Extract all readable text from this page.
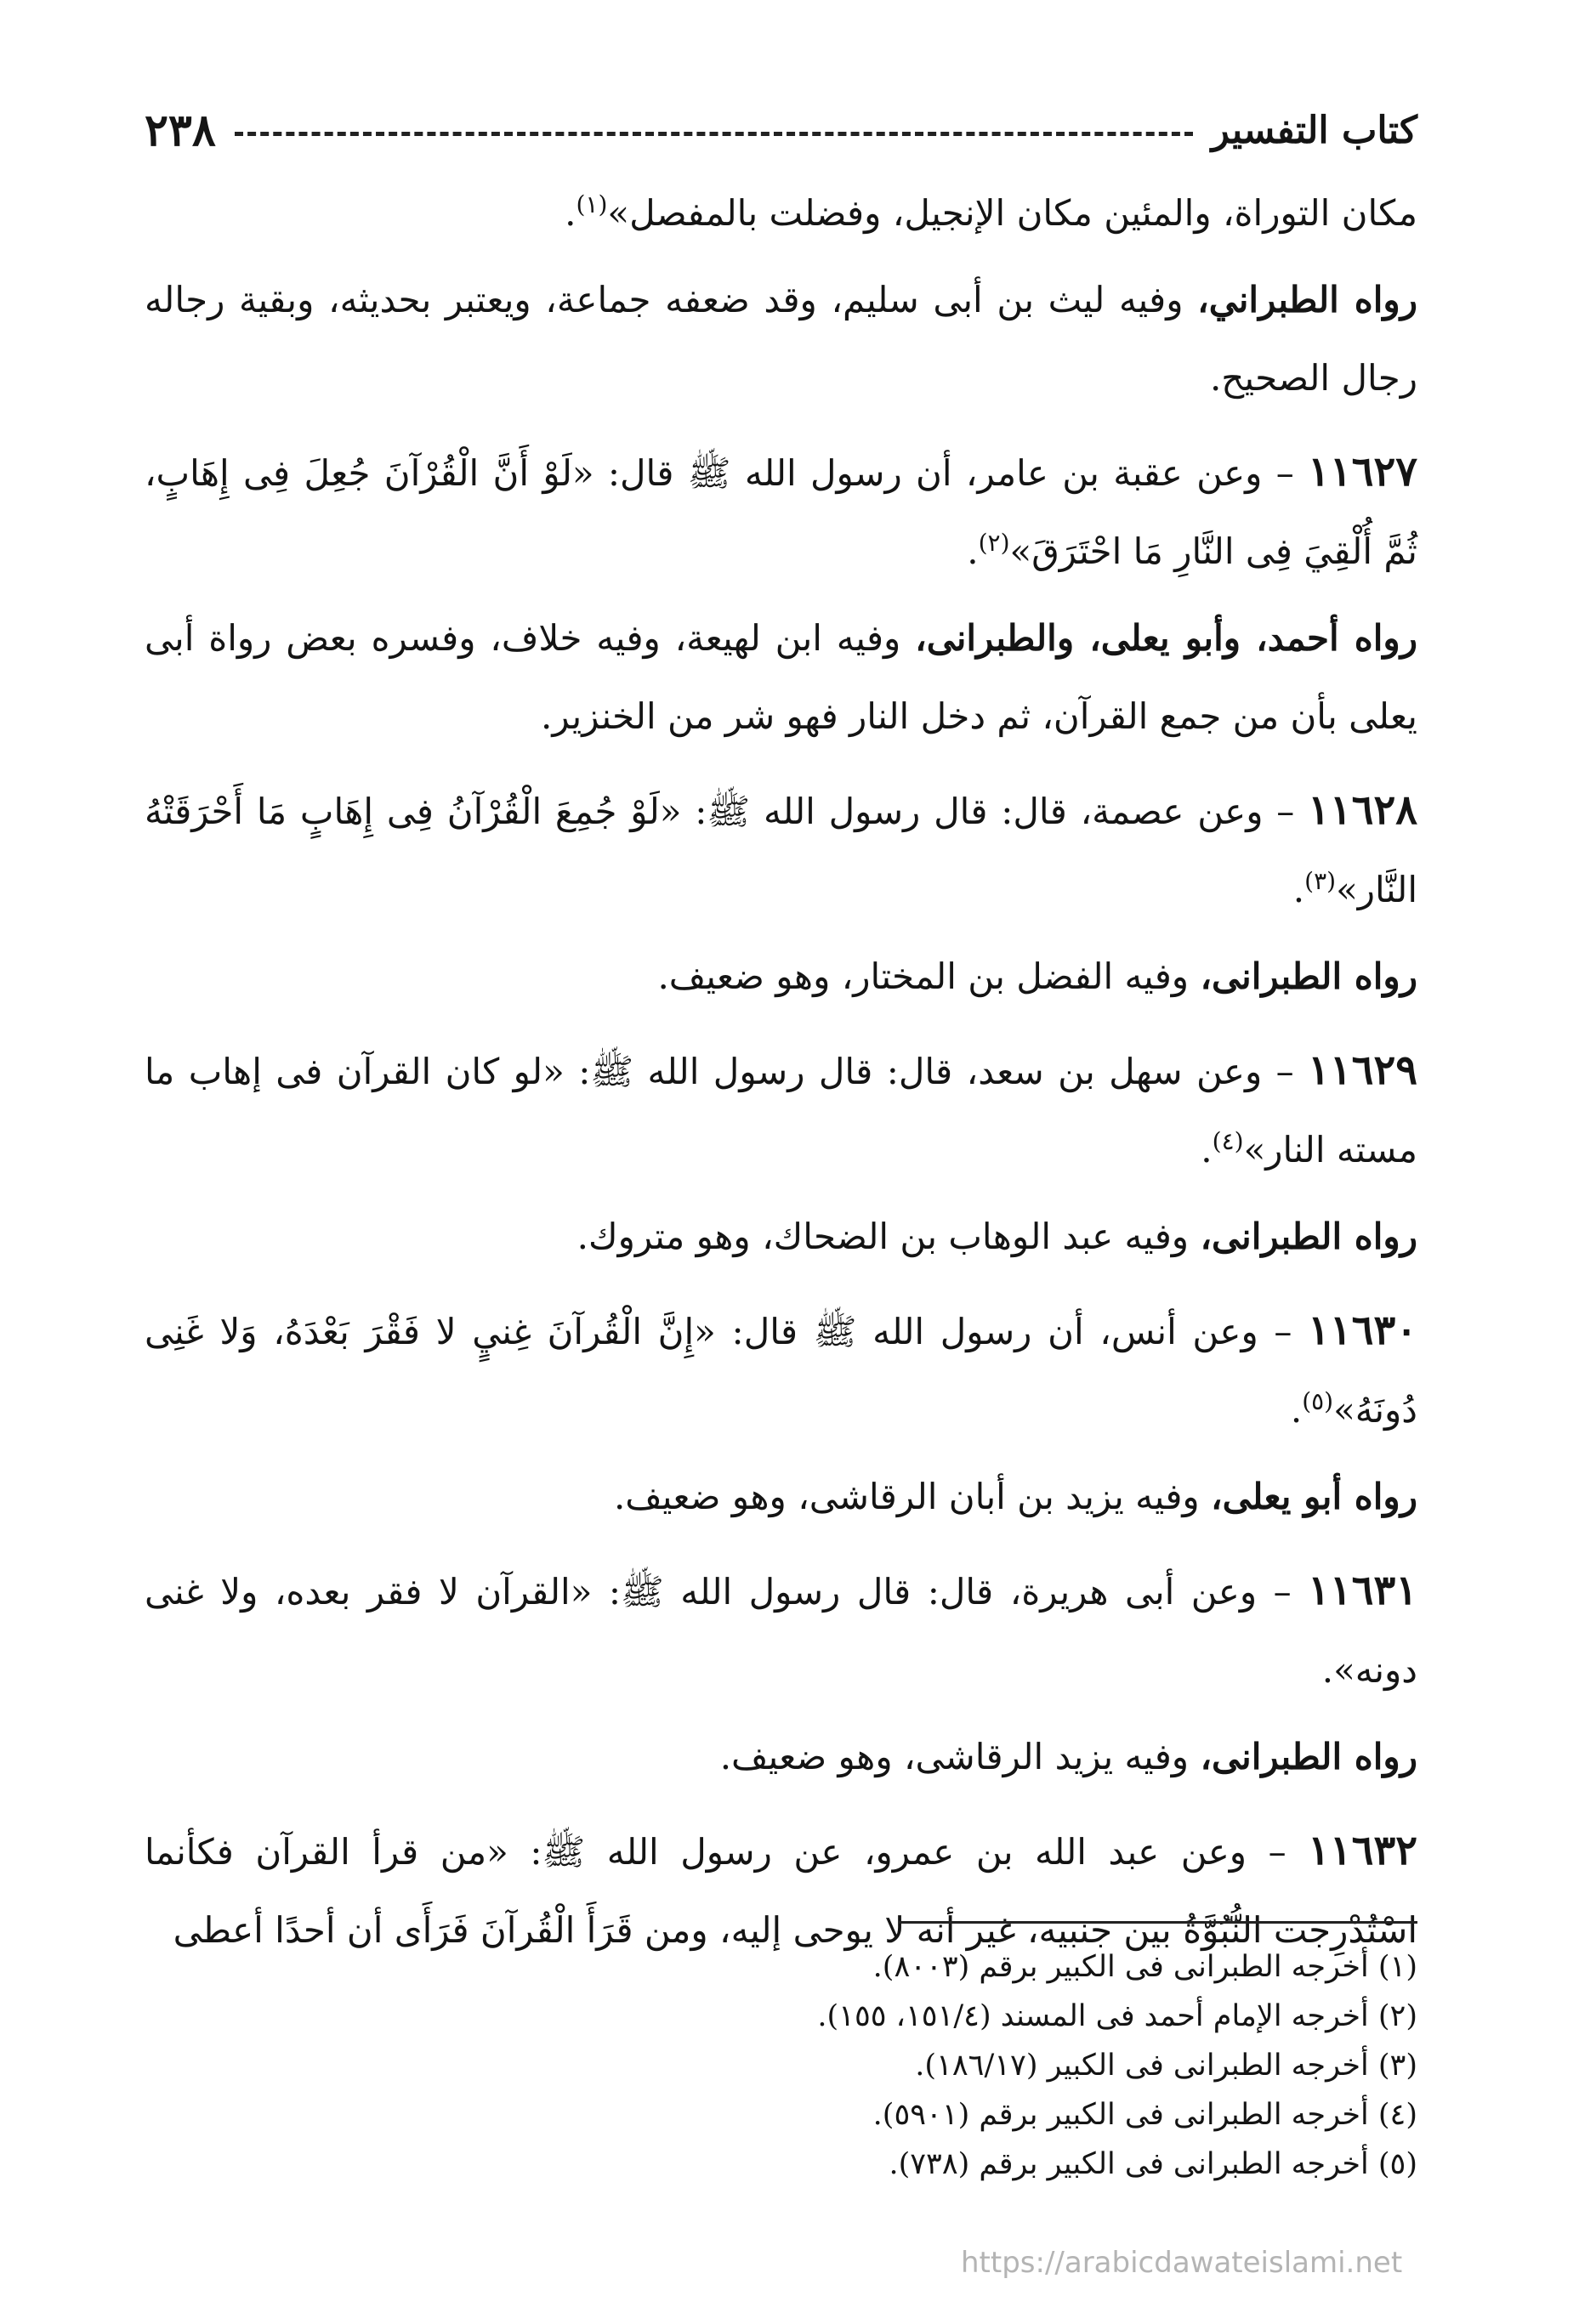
كتاب التفسير
٢٣٨

مكان التوراة، والمئين مكان الإنجيل، وفضلت بالمفصل»$^{(١)}$.

رواه الطبراني، وفيه ليث بن أبى سليم، وقد ضعفه جماعة، ويعتبر بحديثه، وبقية رجاله رجال الصحيح.

١١٦٢٧ – وعن عقبة بن عامر، أن رسول الله ﷺ قال: «لَوْ أَنَّ الْقُرْآنَ جُعِلَ فِى إِهَابٍ، ثُمَّ أُلْقِيَ فِى النَّارِ مَا احْتَرَقَ»$^{(٢)}$.

رواه أحمد، وأبو يعلى، والطبرانى، وفيه ابن لهيعة، وفيه خلاف، وفسره بعض رواة أبى يعلى بأن من جمع القرآن، ثم دخل النار فهو شر من الخنزير.

١١٦٢٨ – وعن عصمة، قال: قال رسول الله ﷺ: «لَوْ جُمِعَ الْقُرْآنُ فِى إِهَابٍ مَا أَحْرَقَتْهُ النَّار»$^{(٣)}$.

رواه الطبرانى، وفيه الفضل بن المختار، وهو ضعيف.

١١٦٢٩ – وعن سهل بن سعد، قال: قال رسول الله ﷺ: «لو كان القرآن فى إهاب ما مسته النار»$^{(٤)}$.

رواه الطبرانى، وفيه عبد الوهاب بن الضحاك، وهو متروك.

١١٦٣٠ – وعن أنس، أن رسول الله ﷺ قال: «إِنَّ الْقُرآنَ غِنيٍ لا فَقْرَ بَعْدَهُ، وَلا غَنِى دُونَهُ»$^{(٥)}$.

رواه أبو يعلى، وفيه يزيد بن أبان الرقاشى، وهو ضعيف.

١١٦٣١ – وعن أبى هريرة، قال: قال رسول الله ﷺ: «القرآن لا فقر بعده، ولا غنى دونه».

رواه الطبرانى، وفيه يزيد الرقاشى، وهو ضعيف.

١١٦٣٢ – وعن عبد الله بن عمرو، عن رسول الله ﷺ: «من قرأ القرآن فكأنما اسْتُدْرِجت النُّبُوَّةُ بين جنبيه، غير أنه لا يوحى إليه، ومن قَرَأَ الْقُرآنَ فَرَأَى أن أحدًا أعطى

(١) أخرجه الطبرانى فى الكبير برقم (٨٠٠٣).
(٢) أخرجه الإمام أحمد فى المسند (١٥١/٤، ١٥٥).
(٣) أخرجه الطبرانى فى الكبير (١٨٦/١٧).
(٤) أخرجه الطبرانى فى الكبير برقم (٥٩٠١).
(٥) أخرجه الطبرانى فى الكبير برقم (٧٣٨).
https://arabicdawateislami.net
